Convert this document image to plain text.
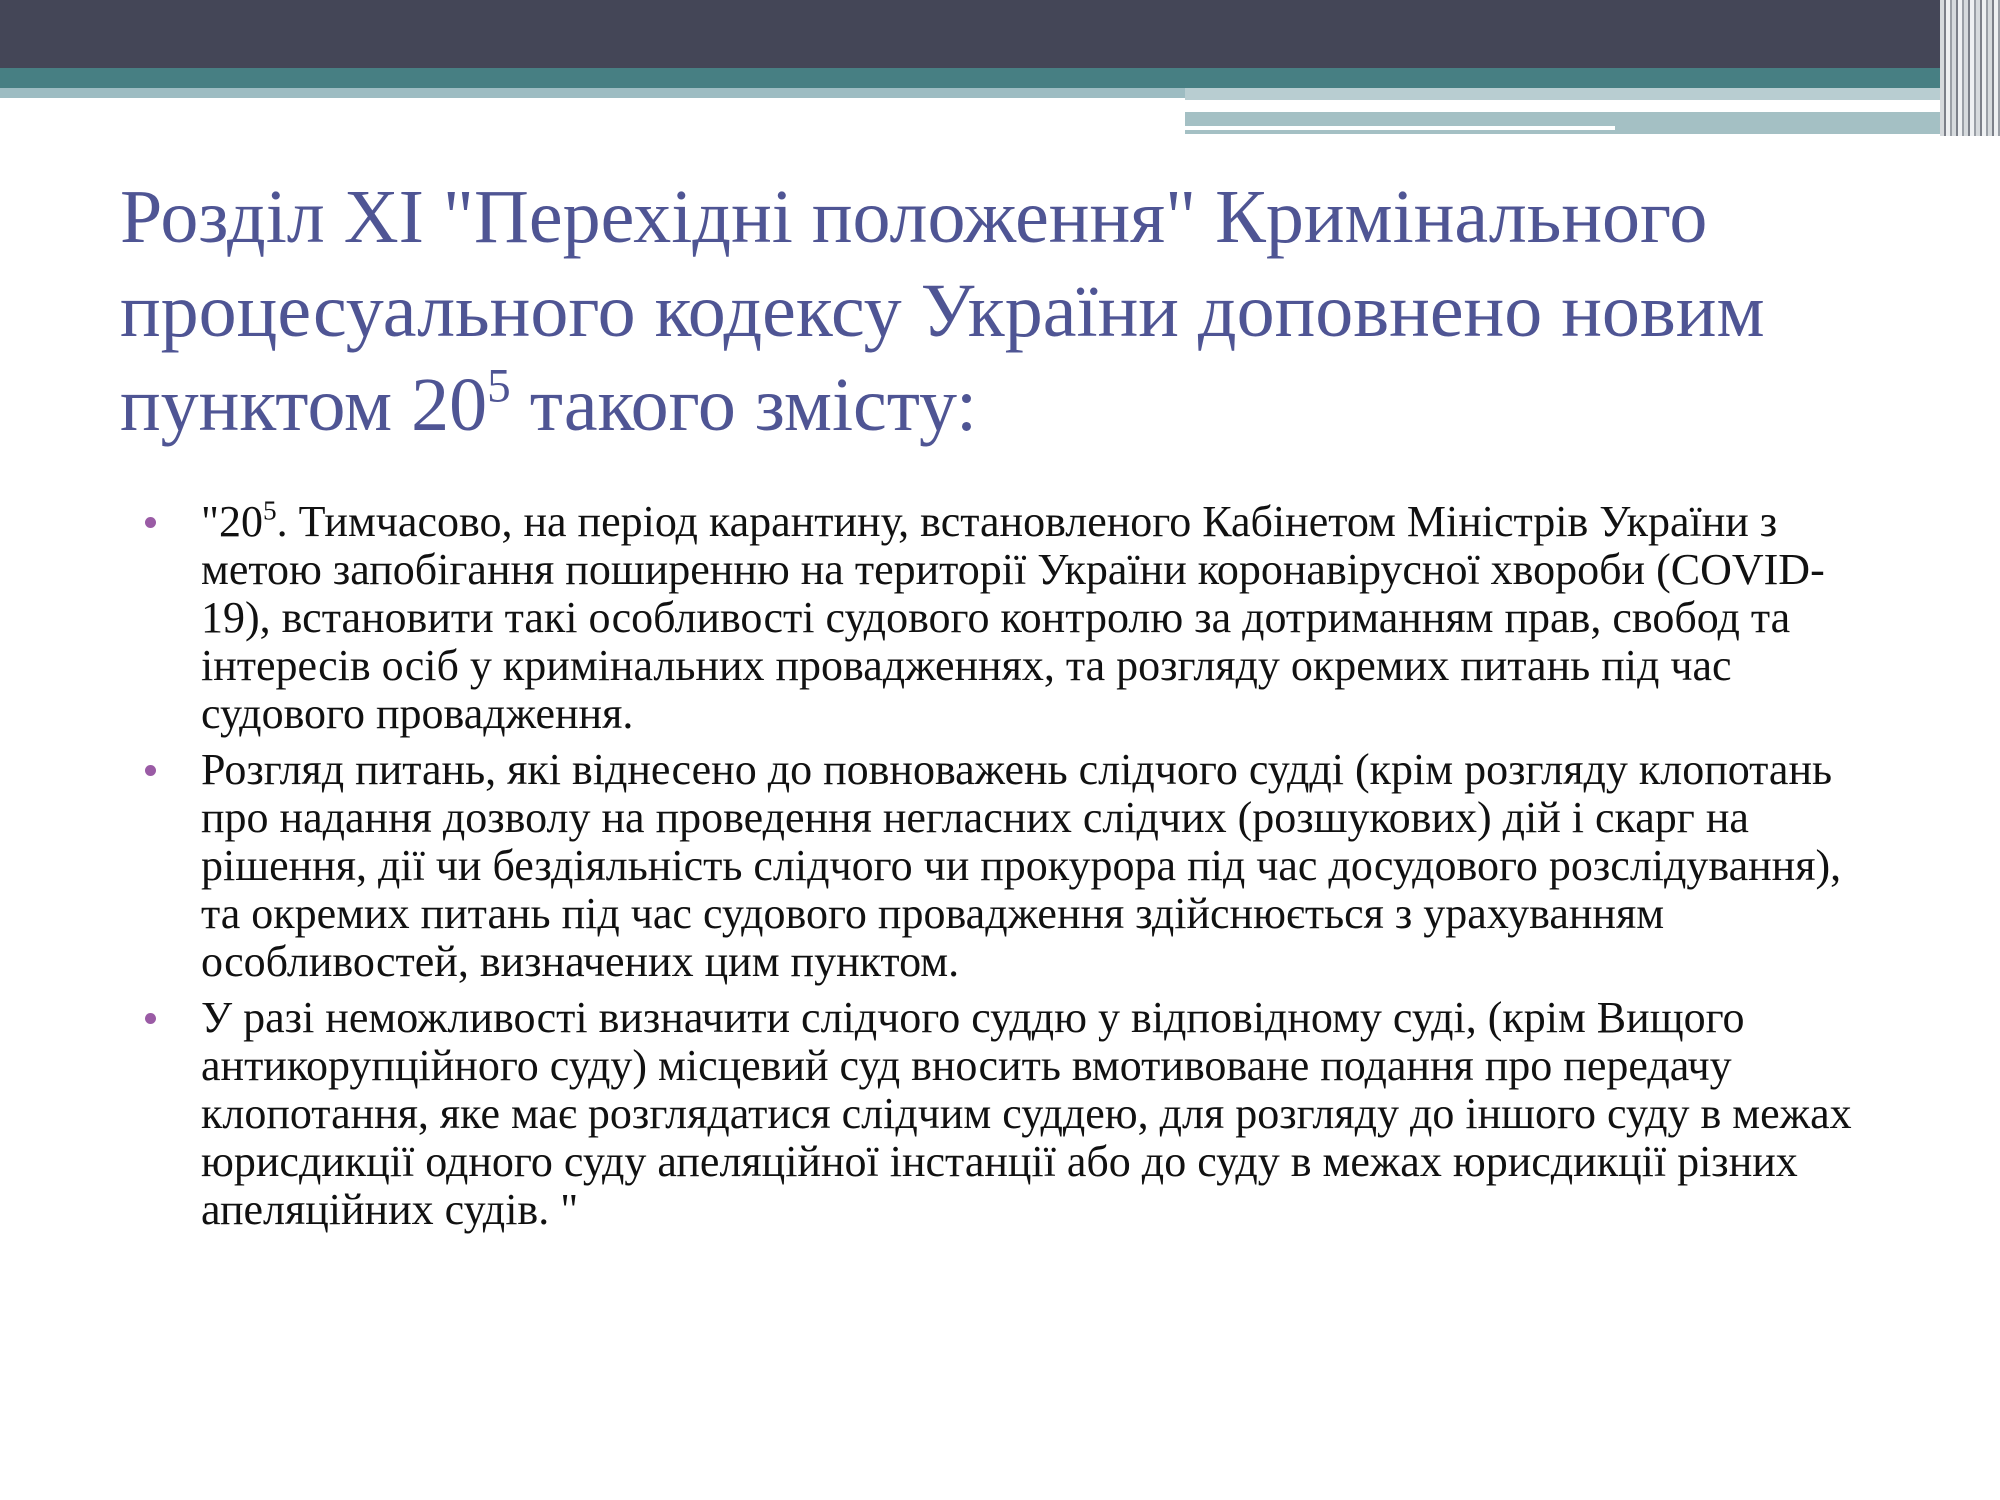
Розділ XI "Перехідні положення" Кримінального процесуального кодексу України доповнено новим пунктом $20^5$ такого змісту:
"$20^5$. Тимчасово, на період карантину, встановленого Кабінетом Міністрів України з метою запобігання поширенню на території України коронавірусної хвороби (COVID-19), встановити такі особливості судового контролю за дотриманням прав, свобод та інтересів осіб у кримінальних провадженнях, та розгляду окремих питань під час судового провадження.
Розгляд питань, які віднесено до повноважень слідчого судді (крім розгляду клопотань про надання дозволу на проведення негласних слідчих (розшукових) дій і скарг на рішення, дії чи бездіяльність слідчого чи прокурора під час досудового розслідування), та окремих питань під час судового провадження здійснюється з урахуванням особливостей, визначених цим пунктом.
У разі неможливості визначити слідчого суддю у відповідному суді, (крім Вищого антикорупційного суду) місцевий суд вносить вмотивоване подання про передачу клопотання, яке має розглядатися слідчим суддею, для розгляду до іншого суду в межах юрисдикції одного суду апеляційної інстанції або до суду в межах юрисдикції різних апеляційних судів. "
